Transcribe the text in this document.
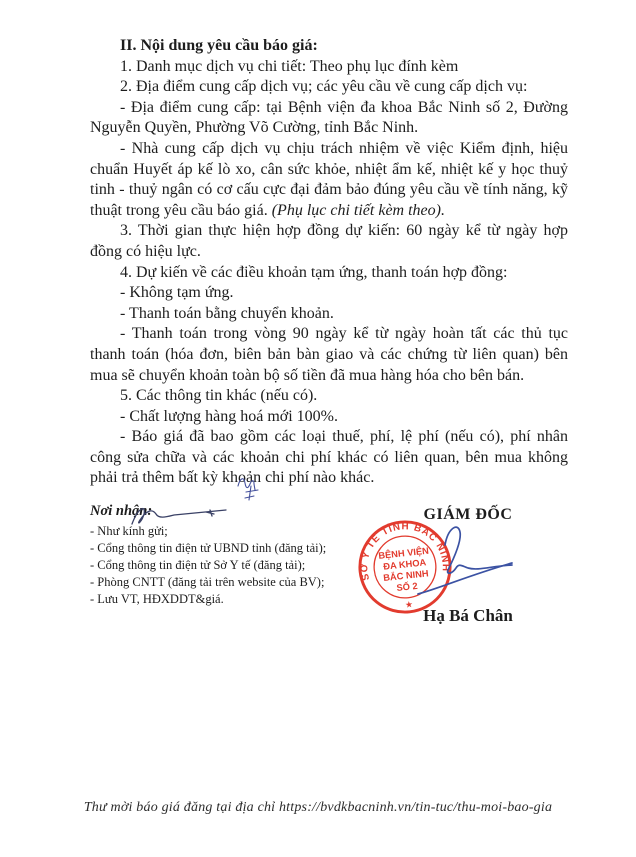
II. Nội dung yêu cầu báo giá:

1. Danh mục dịch vụ chi tiết: Theo phụ lục đính kèm

2. Địa điểm cung cấp dịch vụ; các yêu cầu về cung cấp dịch vụ:

- Địa điểm cung cấp: tại Bệnh viện đa khoa Bắc Ninh số 2, Đường Nguyễn Quyền, Phường Võ Cường, tỉnh Bắc Ninh.

- Nhà cung cấp dịch vụ chịu trách nhiệm về việc Kiểm định, hiệu chuẩn Huyết áp kế lò xo, cân sức khỏe, nhiệt ẩm kế, nhiệt kế y học thuỷ tinh - thuỷ ngân có cơ cấu cực đại đảm bảo đúng yêu cầu về tính năng, kỹ thuật trong yêu cầu báo giá. (Phụ lục chi tiết kèm theo).

3. Thời gian thực hiện hợp đồng dự kiến: 60 ngày kể từ ngày hợp đồng có hiệu lực.

4. Dự kiến về các điều khoản tạm ứng, thanh toán hợp đồng:

- Không tạm ứng.

- Thanh toán bằng chuyển khoản.

- Thanh toán trong vòng 90 ngày kể từ ngày hoàn tất các thủ tục thanh toán (hóa đơn, biên bản bàn giao và các chứng từ liên quan) bên mua sẽ chuyển khoản toàn bộ số tiền đã mua hàng hóa cho bên bán.

5. Các thông tin khác (nếu có).

- Chất lượng hàng hoá mới 100%.

- Báo giá đã bao gồm các loại thuế, phí, lệ phí (nếu có), phí nhân công sửa chữa và các khoản chi phí khác có liên quan, bên mua không phải trả thêm bất kỳ khoản chi phí nào khác.

Nơi nhận:
- Như kính gửi;
- Cổng thông tin điện tử UBND tỉnh (đăng tải);
- Cổng thông tin điện tử Sở Y tế (đăng tải);
- Phòng CNTT (đăng tải trên website của BV);
- Lưu VT, HĐXDDT&giá.
GIÁM ĐỐC
SỞ Y TẾ TỈNH BẮC NINH
★
BỆNH VIỆN
ĐA KHOA
BẮC NINH
SỐ 2
Hạ Bá Chân
Thư mời báo giá đăng tại địa chỉ https://bvdkbacninh.vn/tin-tuc/thu-moi-bao-gia
